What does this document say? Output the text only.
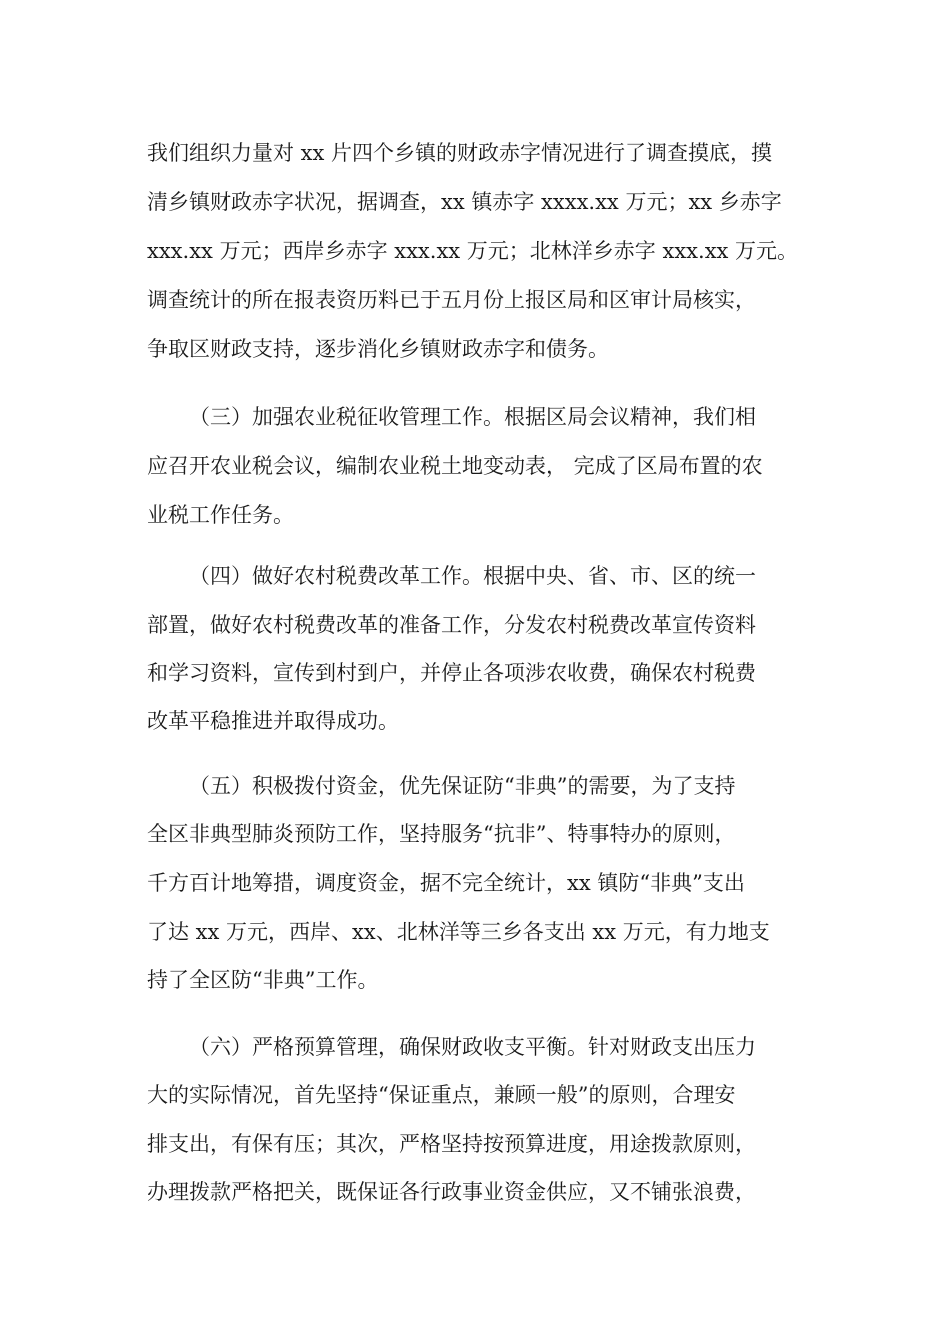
我们组织力量对 xx 片四个乡镇的财政赤字情况进行了调查摸底，摸
清乡镇财政赤字状况，据调查，xx 镇赤字 xxxx.xx 万元；xx 乡赤字
xxx.xx 万元；西岸乡赤字 xxx.xx 万元；北林洋乡赤字 xxx.xx 万元。
调查统计的所在报表资历料已于五月份上报区局和区审计局核实，
争取区财政支持，逐步消化乡镇财政赤字和债务。
（三）加强农业税征收管理工作。根据区局会议精神，我们相
应召开农业税会议，编制农业税土地变动表， 完成了区局布置的农
业税工作任务。
（四）做好农村税费改革工作。根据中央、省、市、区的统一
部置，做好农村税费改革的准备工作，分发农村税费改革宣传资料
和学习资料，宣传到村到户，并停止各项涉农收费，确保农村税费
改革平稳推进并取得成功。
（五）积极拨付资金，优先保证防“非典”的需要，为了支持
全区非典型肺炎预防工作，坚持服务“抗非”、特事特办的原则，
千方百计地筹措，调度资金，据不完全统计，xx 镇防“非典”支出
了达 xx 万元，西岸、xx、北林洋等三乡各支出 xx 万元，有力地支
持了全区防“非典”工作。
（六）严格预算管理，确保财政收支平衡。针对财政支出压力
大的实际情况，首先坚持“保证重点，兼顾一般”的原则，合理安
排支出，有保有压；其次，严格坚持按预算进度，用途拨款原则，
办理拨款严格把关，既保证各行政事业资金供应，又不铺张浪费，
